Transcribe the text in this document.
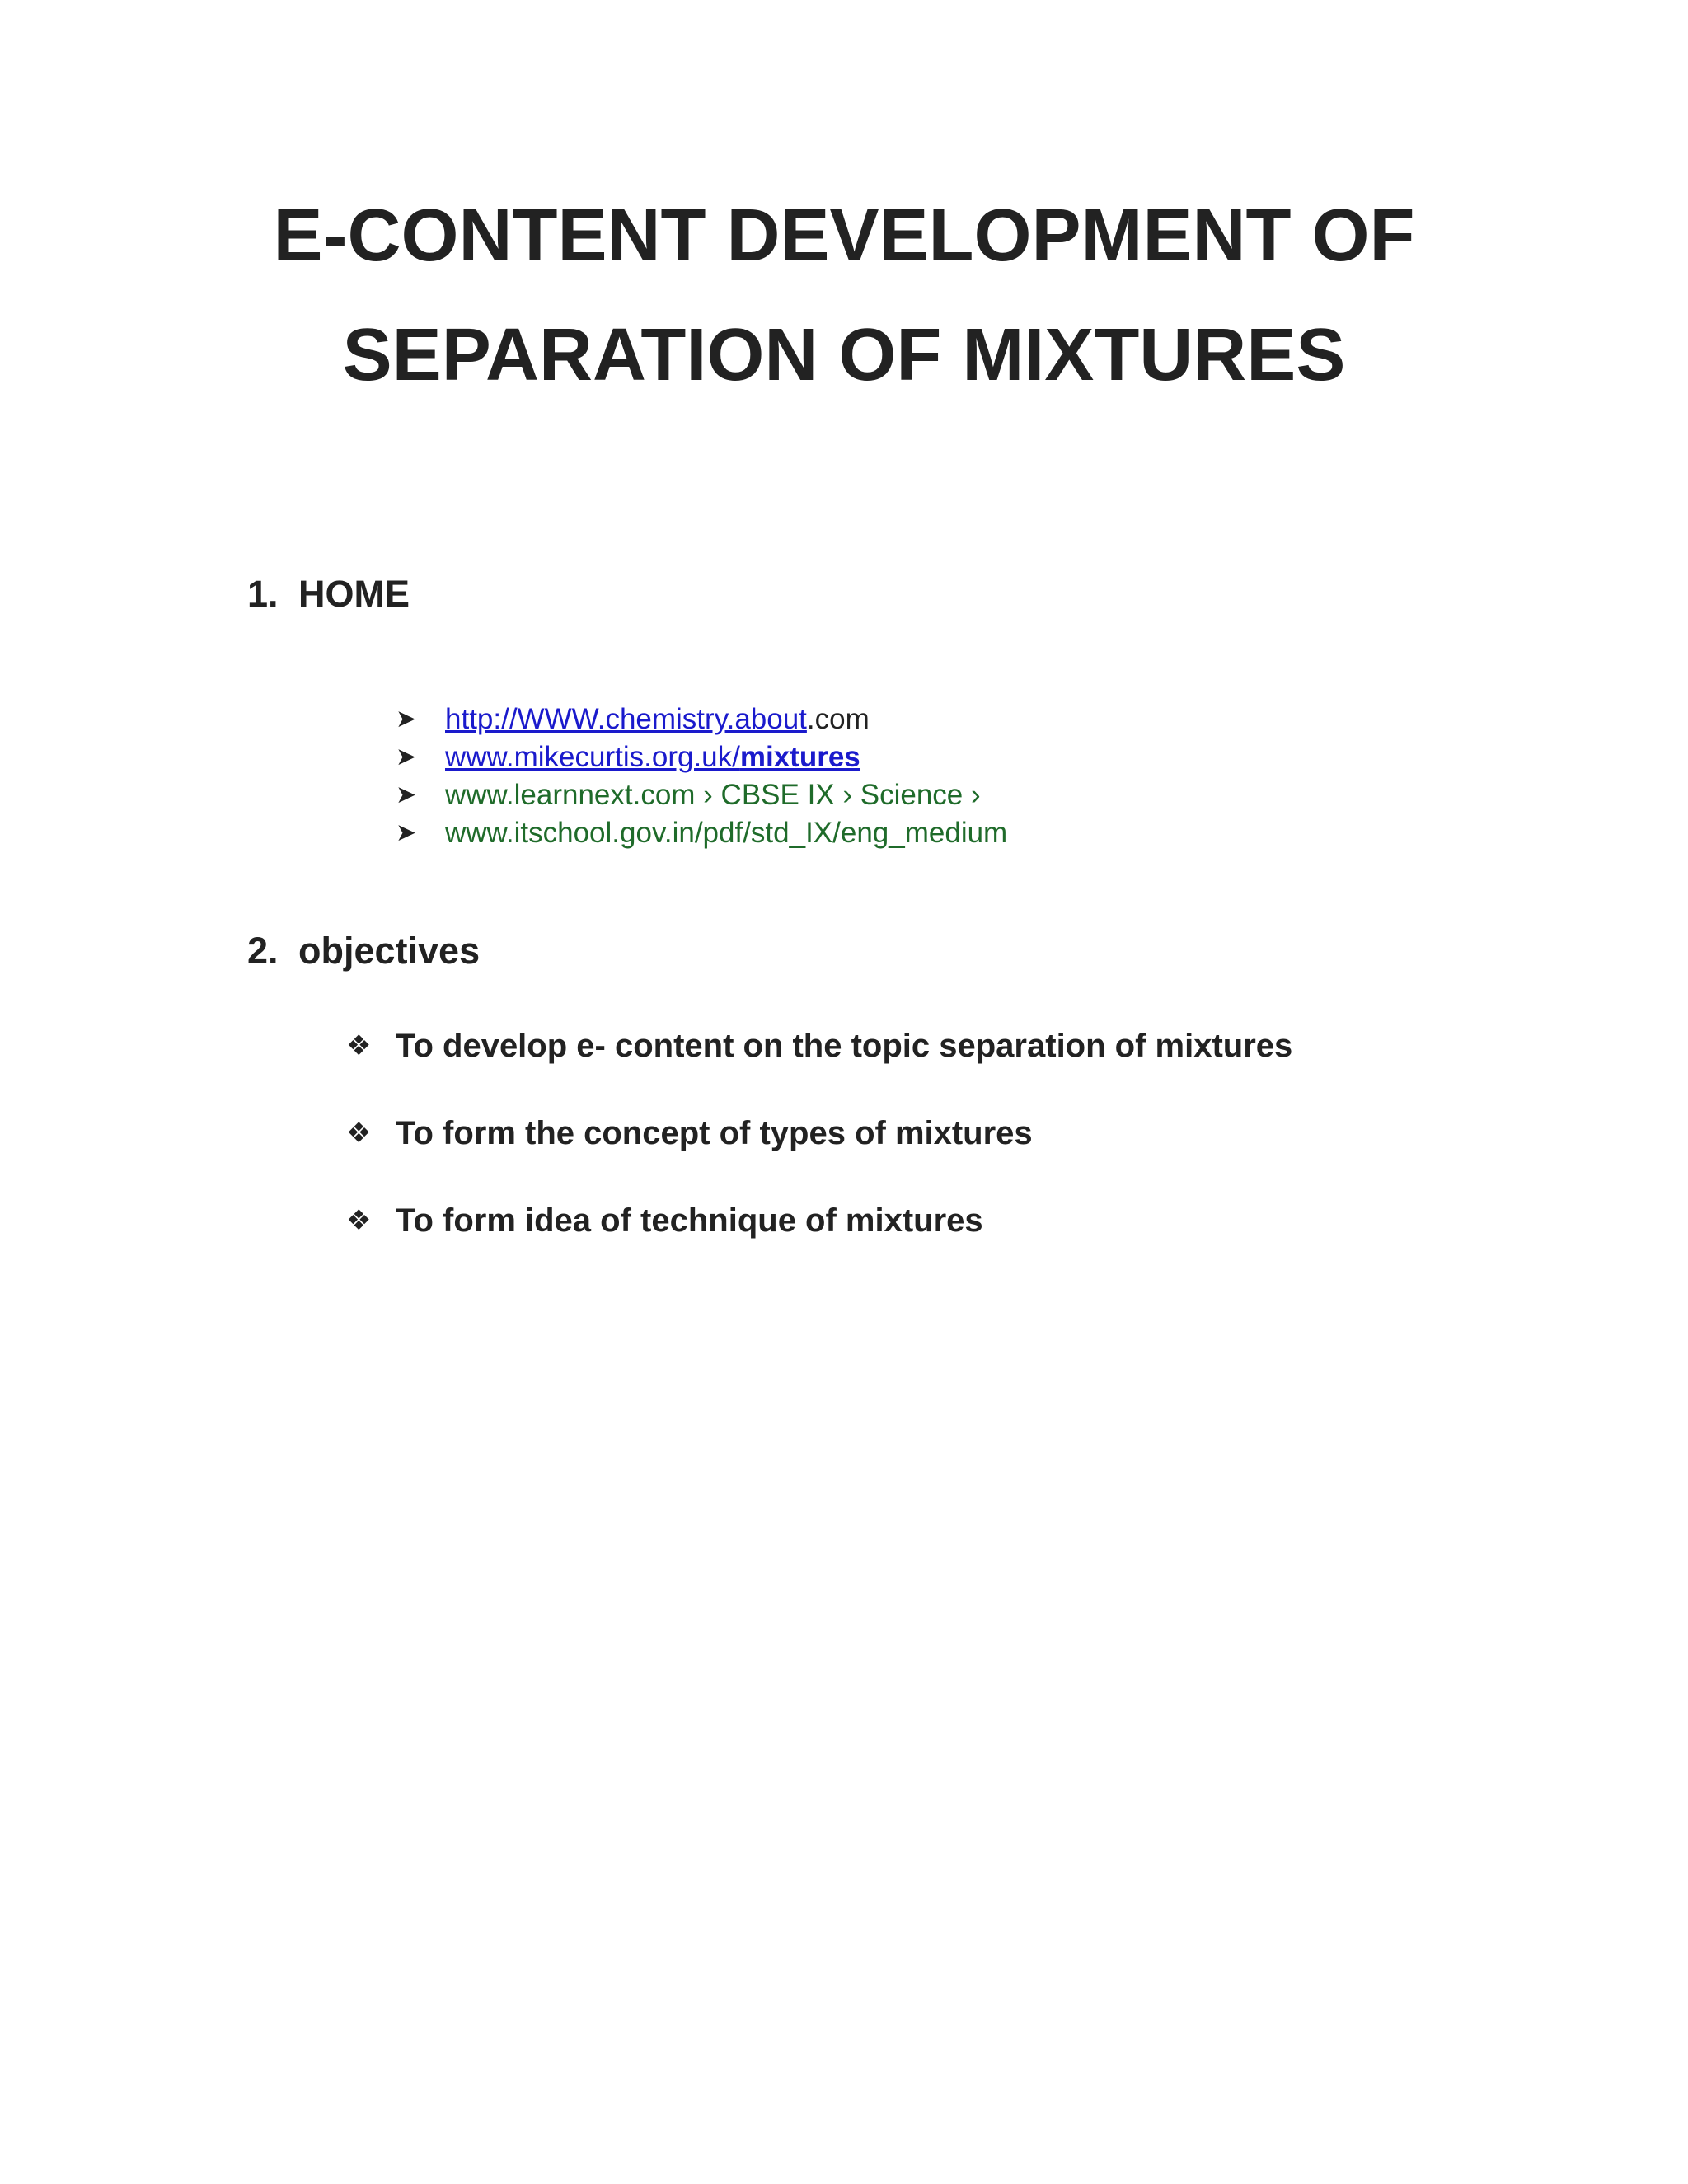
E-CONTENT DEVELOPMENT OF
SEPARATION OF MIXTURES
1. HOME
➤ http://WWW.chemistry.about .com
➤ www.mikecurtis.org.uk/mixtures
➤ www.learnnext.com › CBSE IX › Science ›
➤ www.itschool.gov.in/pdf/std_IX/eng_medium
2. objectives
❖ To develop e- content on the topic separation of mixtures
❖ To form the concept of types of mixtures
❖ To form idea of technique of mixtures
